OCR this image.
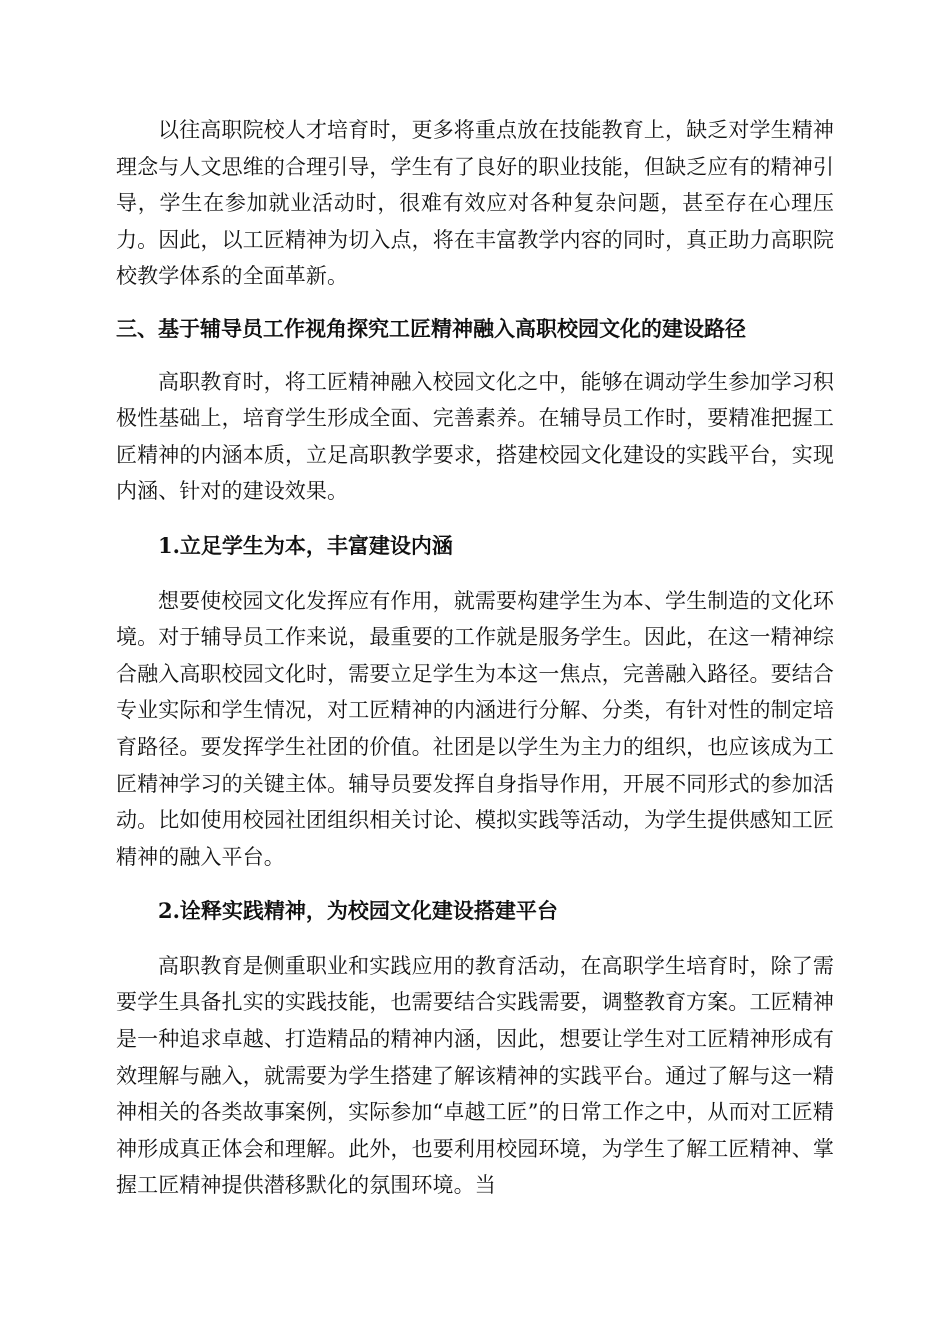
以往高职院校人才培育时，更多将重点放在技能教育上，缺乏对学生精神理念与人文思维的合理引导，学生有了良好的职业技能，但缺乏应有的精神引导，学生在参加就业活动时，很难有效应对各种复杂问题，甚至存在心理压力。因此，以工匠精神为切入点，将在丰富教学内容的同时，真正助力高职院校教学体系的全面革新。

三、基于辅导员工作视角探究工匠精神融入高职校园文化的建设路径

高职教育时，将工匠精神融入校园文化之中，能够在调动学生参加学习积极性基础上，培育学生形成全面、完善素养。在辅导员工作时，要精准把握工匠精神的内涵本质，立足高职教学要求，搭建校园文化建设的实践平台，实现内涵、针对的建设效果。

1.立足学生为本，丰富建设内涵

想要使校园文化发挥应有作用，就需要构建学生为本、学生制造的文化环境。对于辅导员工作来说，最重要的工作就是服务学生。因此，在这一精神综合融入高职校园文化时，需要立足学生为本这一焦点，完善融入路径。要结合专业实际和学生情况，对工匠精神的内涵进行分解、分类，有针对性的制定培育路径。要发挥学生社团的价值。社团是以学生为主力的组织，也应该成为工匠精神学习的关键主体。辅导员要发挥自身指导作用，开展不同形式的参加活动。比如使用校园社团组织相关讨论、模拟实践等活动，为学生提供感知工匠精神的融入平台。

2.诠释实践精神，为校园文化建设搭建平台

高职教育是侧重职业和实践应用的教育活动，在高职学生培育时，除了需要学生具备扎实的实践技能，也需要结合实践需要，调整教育方案。工匠精神是一种追求卓越、打造精品的精神内涵，因此，想要让学生对工匠精神形成有效理解与融入，就需要为学生搭建了解该精神的实践平台。通过了解与这一精神相关的各类故事案例，实际参加“卓越工匠”的日常工作之中，从而对工匠精神形成真正体会和理解。此外，也要利用校园环境，为学生了解工匠精神、掌握工匠精神提供潜移默化的氛围环境。当
